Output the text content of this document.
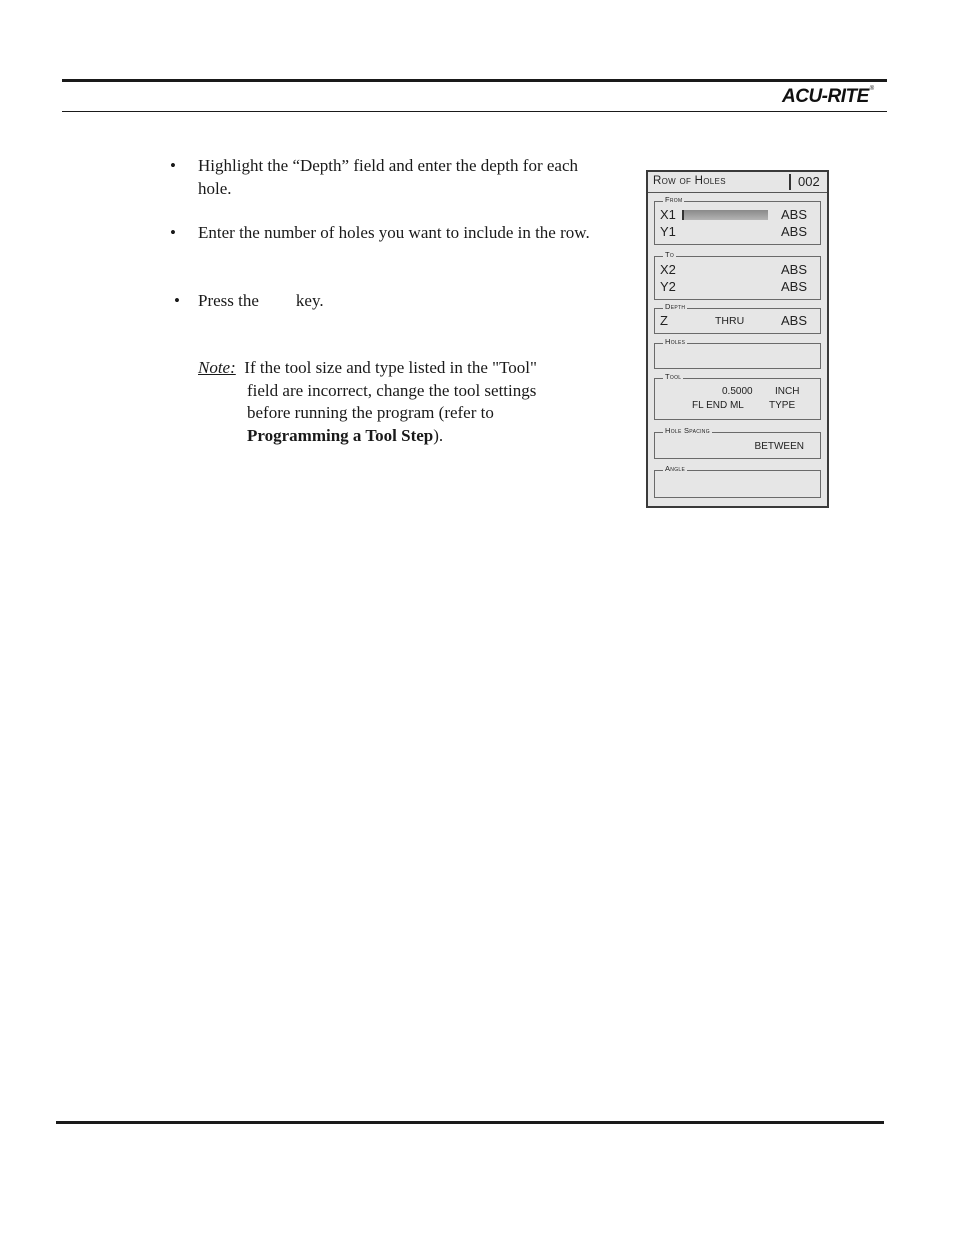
ACU-RITE®
• Highlight the “Depth” field and enter the depth for each hole.
• Enter the number of holes you want to include in the row.
• Press the key.
Note: If the tool size and type listed in the "Tool"
field are incorrect, change the tool settings
before running the program (refer to
Programming a Tool Step).
Row of Holes	002
From
X1	ABS
Y1	ABS
To
X2	ABS
Y2	ABS
Depth
Z	THRU	ABS
Holes
Tool
0.5000 INCH
FL END ML	TYPE
Hole Spacing
BETWEEN
Angle
